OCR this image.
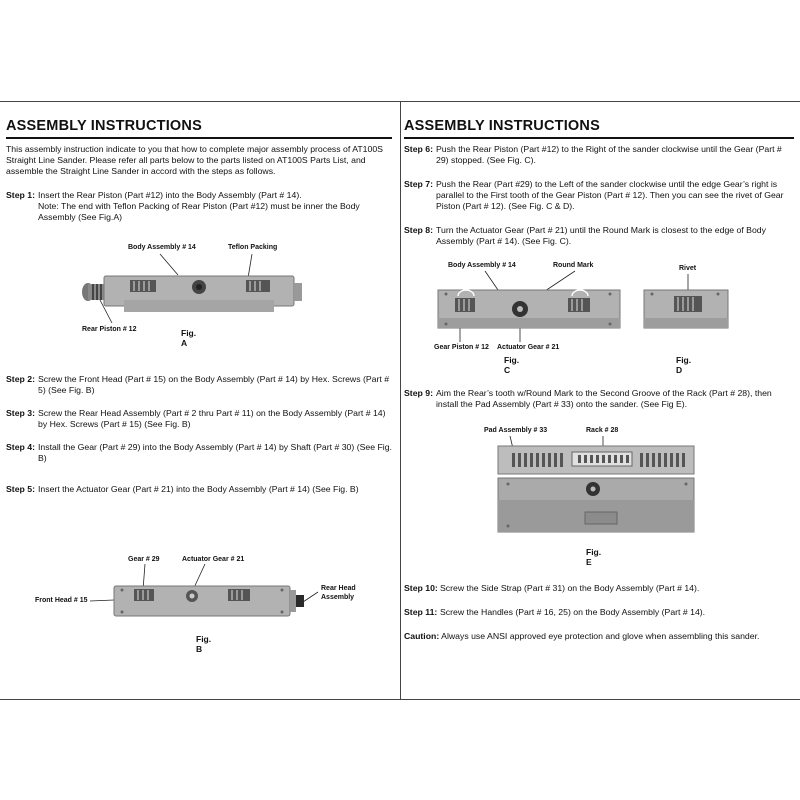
ASSEMBLY INSTRUCTIONS
This assembly instruction indicate to you that how to complete major assembly process of AT100S Straight Line Sander. Please refer all parts below to the parts listed on AT100S Parts List, and assemble the Straight Line Sander in accord with the steps as follows.
Step 1: Insert the Rear Piston (Part #12) into the Body Assembly (Part # 14).
Note: The end with Teflon Packing of Rear Piston (Part #12) must be inner the Body Assembly (See Fig.A)
Body Assembly # 14	Teflon Packing
Rear Piston # 12	Fig. A
Step 2: Screw the Front Head (Part # 15) on the Body Assembly (Part # 14) by Hex. Screws (Part # 5) (See Fig. B)
Step 3: Screw the Rear Head Assembly (Part # 2 thru Part # 11) on the Body Assembly (Part # 14) by Hex. Screws (Part # 15) (See Fig. B)
Step 4: Install the Gear (Part # 29) into the Body Assembly (Part # 14) by Shaft (Part # 30) (See Fig. B)
Step 5: Insert the Actuator Gear (Part # 21) into the Body Assembly (Part # 14) (See Fig. B)
Gear # 29	Actuator Gear # 21
Front Head # 15
Rear Head
Assembly
Fig. B
ASSEMBLY INSTRUCTIONS
Step 6: Push the Rear Piston (Part #12) to the Right of the sander clockwise until the Gear (Part # 29) stopped. (See Fig. C).
Step 7: Push the Rear (Part #29) to the Left of the sander clockwise until the edge Gear’s right is parallel to the First tooth of the Gear Piston (Part # 12). Then you can see the rivet of Gear Piston (Part # 12). (See Fig. C & D).
Step 8: Turn the Actuator Gear (Part # 21) until the Round Mark is closest to the edge of Body Assembly (Part # 14). (See Fig. C).
Body Assembly # 14	Round Mark	Rivet
Gear Piston # 12 Actuator Gear # 21
Fig. C
Fig. D
Step 9: Aim the Rear’s tooth w/Round Mark to the Second Groove of the Rack (Part # 28), then install the Pad Assembly (Part # 33) onto the sander. (See Fig E).
Pad Assembly # 33	Rack # 28
Fig. E
Step 10: Screw the Side Strap (Part # 31) on the Body Assembly (Part # 14).
Step 11: Screw the Handles (Part # 16, 25) on the Body Assembly (Part # 14).
Caution: Always use ANSI approved eye protection and glove when assembling this sander.
